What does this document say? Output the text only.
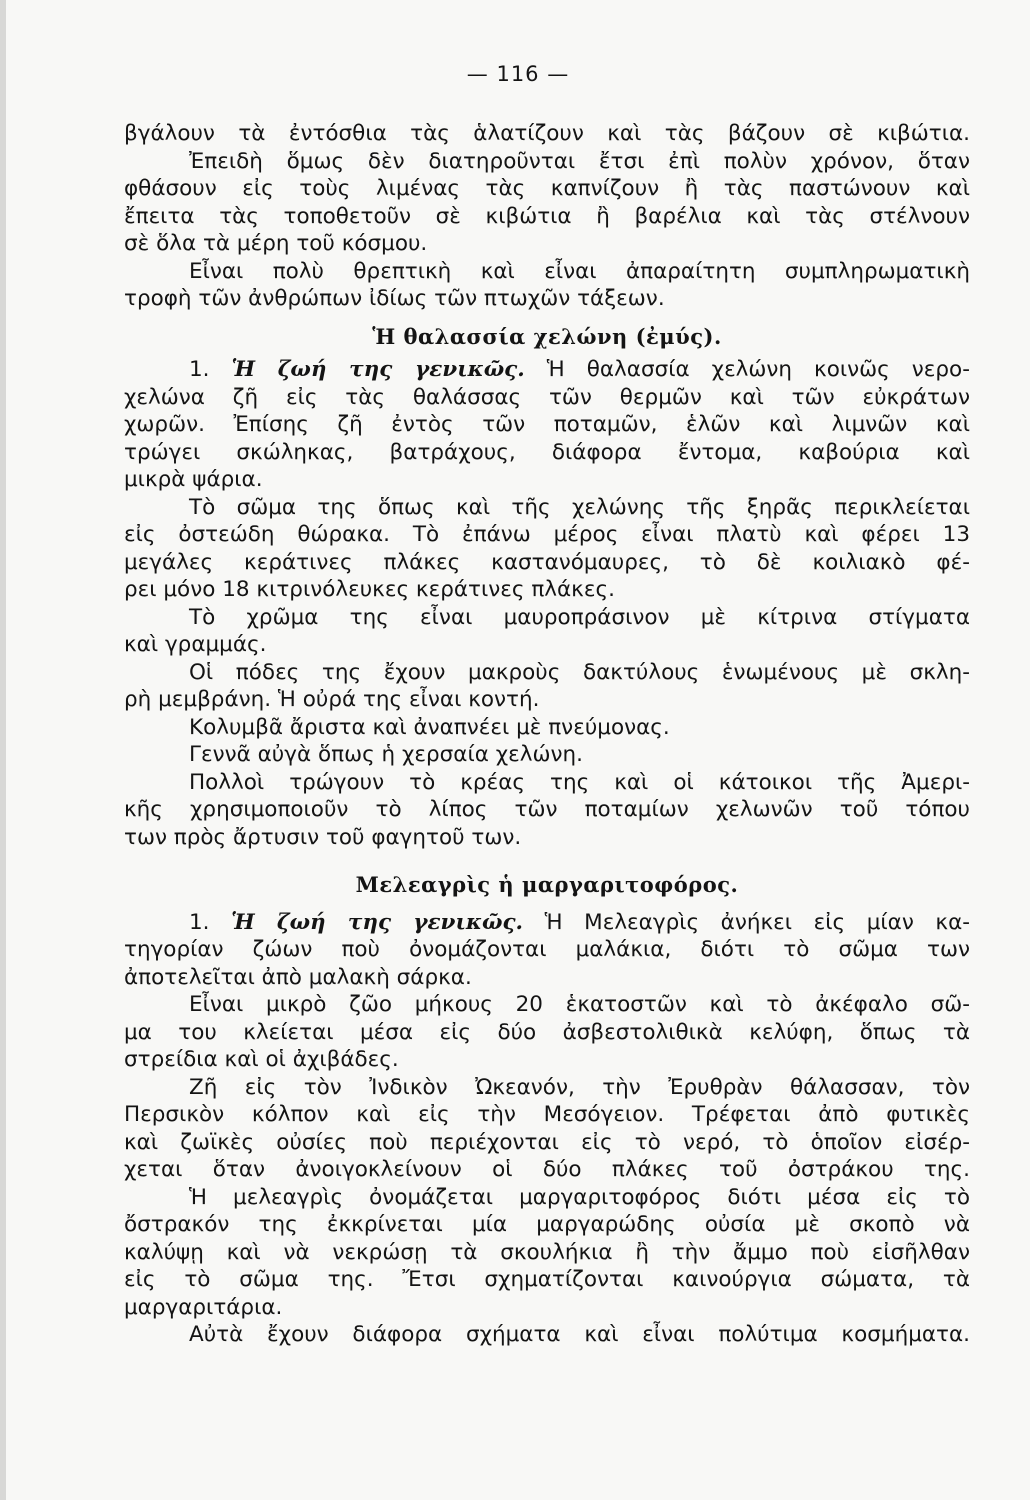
— 116 —
βγάλουν τὰ ἐντόσθια τὰς ἁλατίζουν καὶ τὰς βάζουν σὲ κιβώτια.
Ἐπειδὴ ὅμως δὲν διατηροῦνται ἔτσι ἐπὶ πολὺν χρόνον, ὅταν
φθάσουν εἰς τοὺς λιμένας τὰς καπνίζουν ἢ τὰς παστώνουν καὶ
ἔπειτα τὰς τοποθετοῦν σὲ κιβώτια ἢ βαρέλια καὶ τὰς στέλνουν
σὲ ὅλα τὰ μέρη τοῦ κόσμου.
Εἶναι πολὺ θρεπτικὴ καὶ εἶναι ἀπαραίτητη συμπληρωματικὴ
τροφὴ τῶν ἀνθρώπων ἰδίως τῶν πτωχῶν τάξεων.
Ἡ θαλασσία χελώνη (ἐμύς).
1. Ἡ ζωή της γενικῶς. Ἡ θαλασσία χελώνη κοινῶς νερο-
χελώνα ζῆ εἰς τὰς θαλάσσας τῶν θερμῶν καὶ τῶν εὐκράτων
χωρῶν. Ἐπίσης ζῆ ἐντὸς τῶν ποταμῶν, ἑλῶν καὶ λιμνῶν καὶ
τρώγει σκώληκας, βατράχους, διάφορα ἔντομα, καβούρια καὶ
μικρὰ ψάρια.
Τὸ σῶμα της ὅπως καὶ τῆς χελώνης τῆς ξηρᾶς περικλείεται
εἰς ὀστεώδη θώρακα. Τὸ ἐπάνω μέρος εἶναι πλατὺ καὶ φέρει 13
μεγάλες κεράτινες πλάκες καστανόμαυρες, τὸ δὲ κοιλιακὸ φέ-
ρει μόνο 18 κιτρινόλευκες κεράτινες πλάκες.
Τὸ χρῶμα της εἶναι μαυροπράσινον μὲ κίτρινα στίγματα
καὶ γραμμάς.
Οἱ πόδες της ἔχουν μακροὺς δακτύλους ἑνωμένους μὲ σκλη-
ρὴ μεμβράνη. Ἡ οὐρά της εἶναι κοντή.
Κολυμβᾶ ἄριστα καὶ ἀναπνέει μὲ πνεύμονας.
Γεννᾶ αὐγὰ ὅπως ἡ χερσαία χελώνη.
Πολλοὶ τρώγουν τὸ κρέας της καὶ οἱ κάτοικοι τῆς Ἀμερι-
κῆς χρησιμοποιοῦν τὸ λίπος τῶν ποταμίων χελωνῶν τοῦ τόπου
των πρὸς ἄρτυσιν τοῦ φαγητοῦ των.
Μελεαγρὶς ἡ μαργαριτοφόρος.
1. Ἡ ζωή της γενικῶς. Ἡ Μελεαγρὶς ἀνήκει εἰς μίαν κα-
τηγορίαν ζώων ποὺ ὀνομάζονται μαλάκια, διότι τὸ σῶμα των
ἀποτελεῖται ἀπὸ μαλακὴ σάρκα.
Εἶναι μικρὸ ζῶο μήκους 20 ἑκατοστῶν καὶ τὸ ἀκέφαλο σῶ-
μα του κλείεται μέσα εἰς δύο ἀσβεστολιθικὰ κελύφη, ὅπως τὰ
στρείδια καὶ οἱ ἀχιβάδες.
Ζῆ εἰς τὸν Ἰνδικὸν Ὠκεανόν, τὴν Ἐρυθρὰν θάλασσαν, τὸν
Περσικὸν κόλπον καὶ εἰς τὴν Μεσόγειον. Τρέφεται ἀπὸ φυτικὲς
καὶ ζωϊκὲς οὐσίες ποὺ περιέχονται εἰς τὸ νερό, τὸ ὁποῖον εἰσέρ-
χεται ὅταν ἀνοιγοκλείνουν οἱ δύο πλάκες τοῦ ὀστράκου της.
Ἡ μελεαγρὶς ὀνομάζεται μαργαριτοφόρος διότι μέσα εἰς τὸ
ὄστρακόν της ἐκκρίνεται μία μαργαρώδης οὐσία μὲ σκοπὸ νὰ
καλύψῃ καὶ νὰ νεκρώσῃ τὰ σκουλήκια ἢ τὴν ἄμμο ποὺ εἰσῆλθαν
εἰς τὸ σῶμα της. Ἔτσι σχηματίζονται καινούργια σώματα, τὰ
μαργαριτάρια.
Αὐτὰ ἔχουν διάφορα σχήματα καὶ εἶναι πολύτιμα κοσμήματα.
